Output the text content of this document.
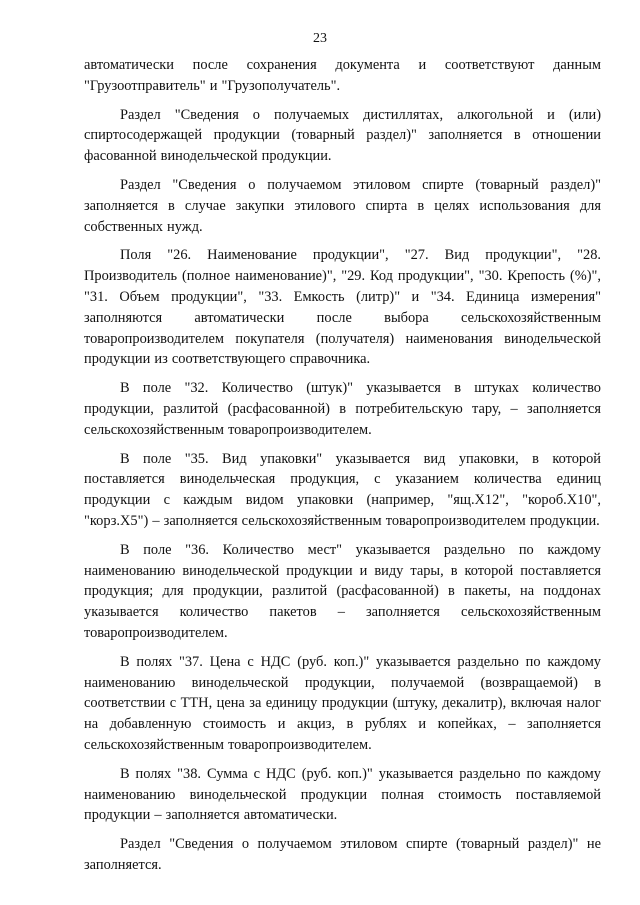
23

автоматически после сохранения документа и соответствуют данным "Грузоотправитель" и "Грузополучатель".

Раздел "Сведения о получаемых дистиллятах, алкогольной и (или) спиртосодержащей продукции (товарный раздел)" заполняется в отношении фасованной винодельческой продукции.

Раздел "Сведения о получаемом этиловом спирте (товарный раздел)" заполняется в случае закупки этилового спирта в целях использования для собственных нужд.

Поля "26. Наименование продукции", "27. Вид продукции", "28. Производитель (полное наименование)", "29. Код продукции", "30. Крепость (%)", "31. Объем продукции", "33. Емкость (литр)" и "34. Единица измерения" заполняются автоматически после выбора сельскохозяйственным товаропроизводителем покупателя (получателя) наименования винодельческой продукции из соответствующего справочника.

В поле "32. Количество (штук)" указывается в штуках количество продукции, разлитой (расфасованной) в потребительскую тару, – заполняется сельскохозяйственным товаропроизводителем.

В поле "35. Вид упаковки" указывается вид упаковки, в которой поставляется винодельческая продукция, с указанием количества единиц продукции с каждым видом упаковки (например, "ящ.Х12", "короб.Х10", "корз.Х5") – заполняется сельскохозяйственным товаропроизводителем продукции.

В поле "36. Количество мест" указывается раздельно по каждому наименованию винодельческой продукции и виду тары, в которой поставляется продукция; для продукции, разлитой (расфасованной) в пакеты, на поддонах указывается количество пакетов – заполняется сельскохозяйственным товаропроизводителем.

В полях "37. Цена с НДС (руб. коп.)" указывается раздельно по каждому наименованию винодельческой продукции, получаемой (возвращаемой) в соответствии с ТТН, цена за единицу продукции (штуку, декалитр), включая налог на добавленную стоимость и акциз, в рублях и копейках, – заполняется сельскохозяйственным товаропроизводителем.

В полях "38. Сумма с НДС (руб. коп.)" указывается раздельно по каждому наименованию винодельческой продукции полная стоимость поставляемой продукции – заполняется автоматически.

Раздел "Сведения о получаемом этиловом спирте (товарный раздел)" не заполняется.
